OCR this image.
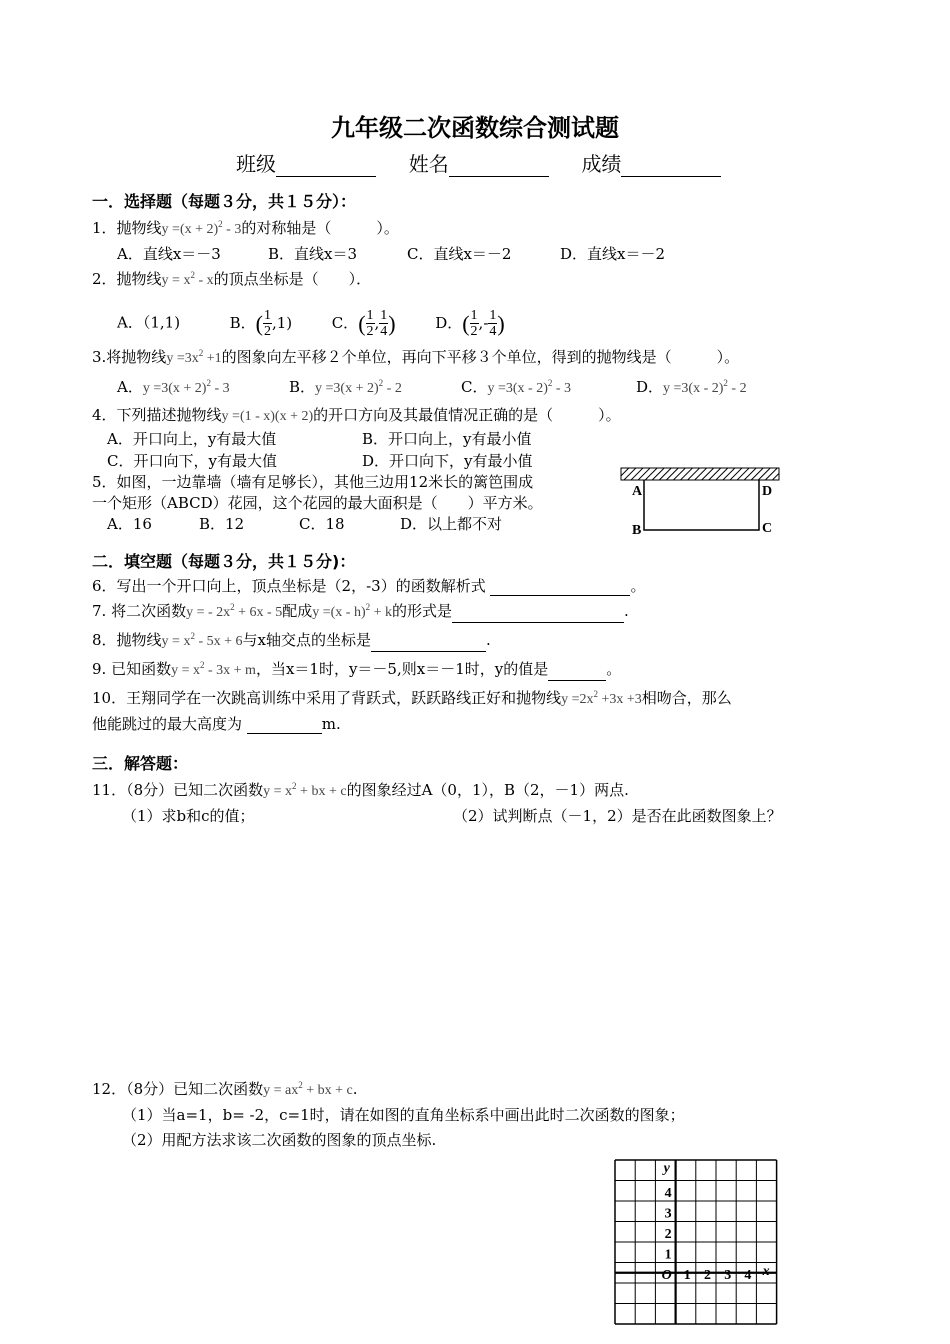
九年级二次函数综合测试题
班级	姓名	成绩
一．选择题（每题３分，共１５分）：
1．抛物线$y =(x + 2)^2 - 3$的对称轴是（　　　）。
A．直线x＝－3	B．直线x＝3	C．直线x＝－2	D．直线x＝－2
2．抛物线$y = x^2 - x$的顶点坐标是（　　）．
A．（1,1)	B．( $\frac{1}{2} ,1$)	C．( $\frac{1}{2}$ , $\frac{1}{4}$ )	D．( $\frac{1}{2}$ ,- $\frac{1}{4}$ )
3.将抛物线$y =3x^2 +1$的图象向左平移２个单位，再向下平移３个单位，得到的抛物线是（　　　）。
A．$y =3(x + 2)^2 - 3$	B．$y =3(x + 2)^2 - 2$	C．y =3(x - 2)$^2$ - 3	D．y =3(x - 2)$^2$ - 2
4．下列描述抛物线y =(1 - x)(x + 2)的开口方向及其最值情况正确的是（　　　）。
A．开口向上，y有最大值	B．开口向上，y有最小值
C．开口向下，y有最大值	D．开口向下，y有最小值
5．如图，一边靠墙（墙有足够长），其他三边用12米长的篱笆围成
一个矩形（ABCD）花园，这个花园的最大面积是（　　）平方米。
A．16	B．12	C．18	D．以上都不对
A	D
B	C
二．填空题（每题３分，共１５分)：
6．写出一个开口向上，顶点坐标是（2，-3）的函数解析式	。
7. 将二次函数y = - $2x^2 + 6x - 5$配成y =(x - h)$^2$ + k的形式是	.
8．抛物线$y = x^2 - 5x + 6$与x轴交点的坐标是	.
9. 已知函数$y = x^2 - 3x + m$，当x＝1时，y＝－5,则x＝－1时，y的值是	。
10．王翔同学在一次跳高训练中采用了背跃式，跃跃路线正好和抛物线$y =2x^2 +3x +3$相吻合，那么
他能跳过的最大高度为	m.
三．解答题：
11．（8分）已知二次函数$y = x^2$ + bx + c的图象经过A（0，1），B（2，－1）两点.
（1）求b和c的值；	（2）试判断点（－1，2）是否在此函数图象上？
12．（8分）已知二次函数$y = ax^2$ + bx + c.
（1）当a=1，b= -2，c=1时，请在如图的直角坐标系中画出此时二次函数的图象；
（2）用配方法求该二次函数的图象的顶点坐标.
y
x
O
4
3
2
1
1 2 3 4
